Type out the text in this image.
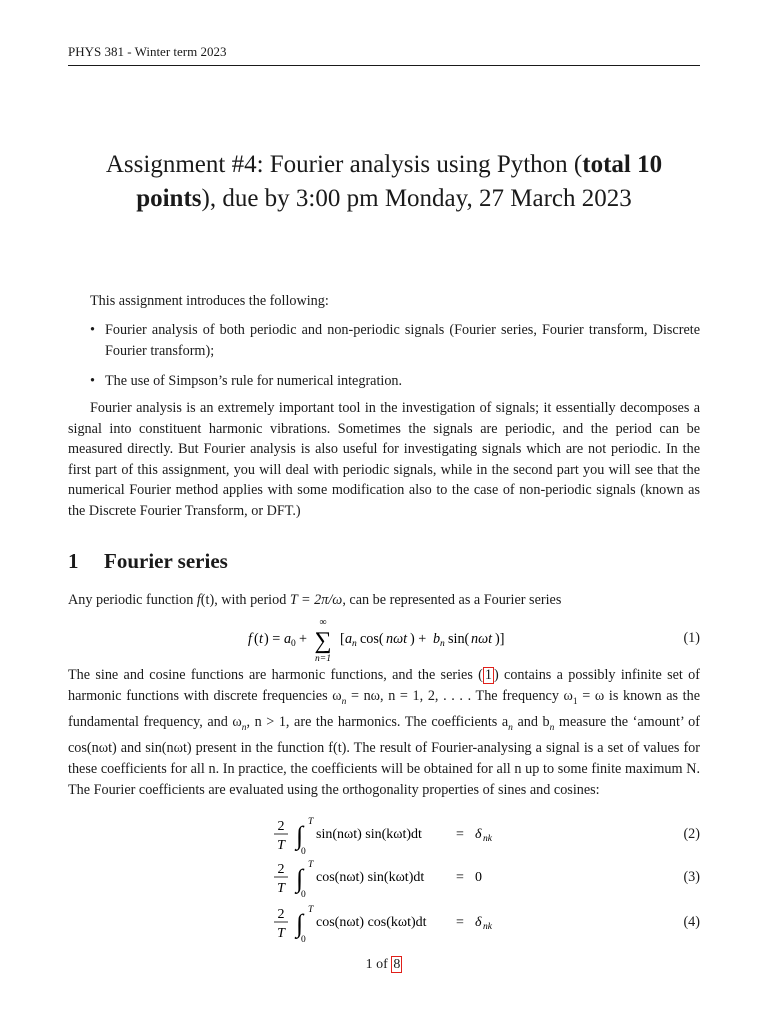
PHYS 381 - Winter term 2023
Assignment #4: Fourier analysis using Python (total 10 points), due by 3:00 pm Monday, 27 March 2023
This assignment introduces the following:
• Fourier analysis of both periodic and non-periodic signals (Fourier series, Fourier transform, Discrete Fourier transform);
• The use of Simpson’s rule for numerical integration.
Fourier analysis is an extremely important tool in the investigation of signals; it essentially decomposes a signal into constituent harmonic vibrations. Sometimes the signals are periodic, and the period can be measured directly. But Fourier analysis is also useful for investigating signals which are not periodic. In the first part of this assignment, you will deal with periodic signals, while in the second part you will see that the numerical Fourier method applies with some modification also to the case of non-periodic signals (known as the Discrete Fourier Transform, or DFT.)
1 Fourier series
Any periodic function f(t), with period T = 2π/ω, can be represented as a Fourier series
f ( t ) = a 0 +
∞
∑
n=1
[ a n cos( nωt ) + b n sin( nωt )]	(1)
The sine and cosine functions are harmonic functions, and the series ( 1 ) contains a possibly infinite set of harmonic functions with discrete frequencies $\omega_n = n\omega$, n = 1, 2, . . . . The frequency $\omega_1 = \omega$ is known as the fundamental frequency, and $\omega_n$, n > 1, are the harmonics. The coefficients $a_n$ and $b_n$ measure the ‘amount’ of cos(nωt) and sin(nωt) present in the function f(t). The result of Fourier-analysing a signal is a set of values for these coefficients for all n. In practice, the coefficients will be obtained for all n up to some finite maximum N. The Fourier coefficients are evaluated using the orthogonality properties of sines and cosines:
2
T ∫ T
0
sin(nωt) sin(kωt)dt = δ nk
2
T ∫ T
0
cos(nωt) sin(kωt)dt = 0
2
T ∫ T
0
cos(nωt) cos(kωt)dt = δ nk
(2)
(3)
(4)
1 of 8
